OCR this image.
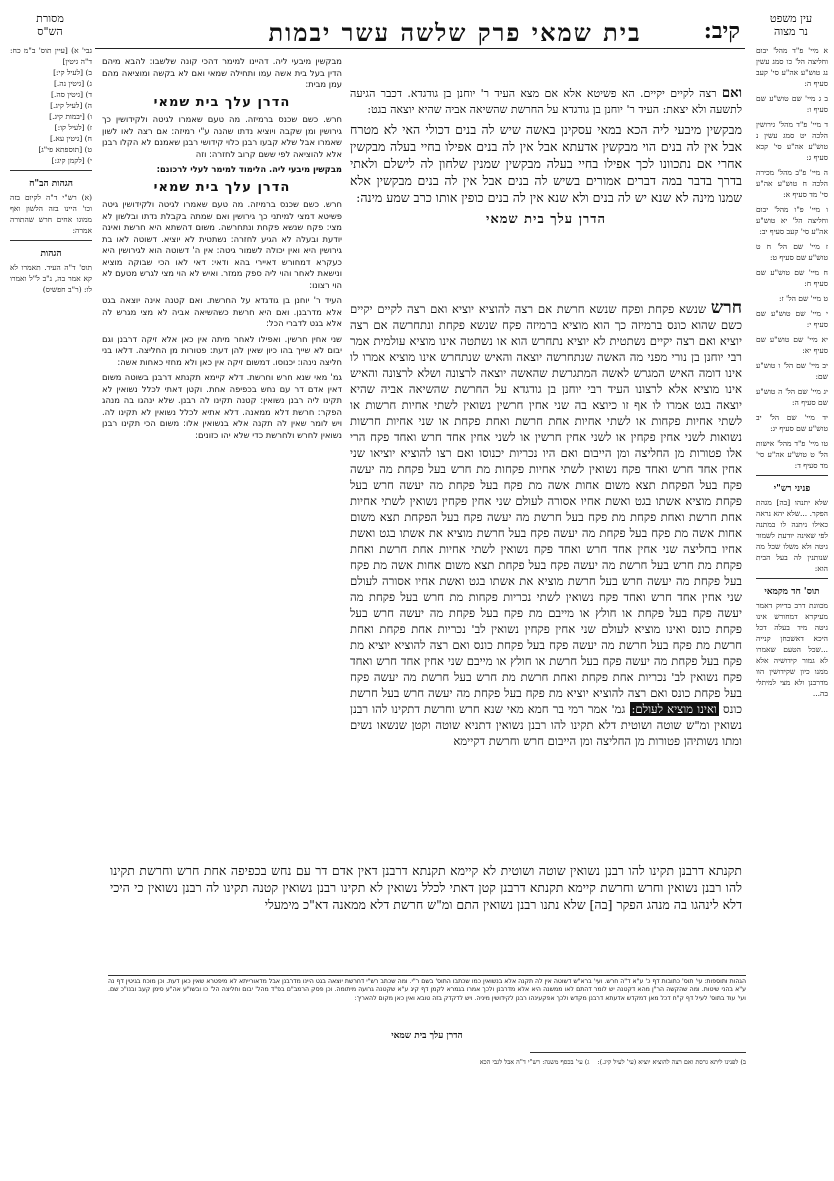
קיב:
בית שמאי פרק שלשה עשר יבמות	עין משפט
נר מצוה
מסורת
הש"ס

א מיי' פ"ד מהל' יבום וחליצה הל' כו סמג עשין נג טוש"ע אה"ע סי' קעב סעיף ה:

ב ג מיי' שם טוש"ע שם סעיף ו:

ד מיי' פ"ד מהל' גירושין הלכה יט סמג עשין נ טוש"ע אה"ע סי' קכא סעיף ג:

ה מיי' פ"ב מהל' מכירה הלכה ח טוש"ע אה"ע סי' מד סעיף א:

ו מיי' פ"ו מהל' יבום וחליצה הל' יא טוש"ע אה"ע סי' קעב סעיף יב:

ז מיי' שם הל' ח ט טוש"ע שם סעיף ט:

ח מיי' שם טוש"ע שם סעיף ח:

ט מיי' שם הל' ז:

י מיי' שם טוש"ע שם סעיף י:

יא מיי' שם טוש"ע שם סעיף יא:

יב מיי' שם הל' ו טוש"ע שם:

יג מיי' שם הל' ה טוש"ע שם סעיף ה:

יד מיי' שם הל' יב טוש"ע שם סעיף יג:

טו מיי' פ"ד מהל' אישות הל' ט טוש"ע אה"ע סי' מד סעיף ד:

פניני רש"י

שלא יתנהו [בה] מגהת הפקר. ...שלא יהא נראה כאילו ניתנה לו במתנה לפי שאינה יודעת לשמור גיטה ולא משלו שכל מה שנותנין לה בעל הבית הוא:

תוס' חד מקמאי

מכוונת דרב בדיוק דאמר מעיקרא דמחורש אינו גיטה מיד בעלה דכל היכא דאשכחן קנייה ...שכל הטעם שאמרו לא גמור קידושיה אלא ממנו כיון שקידושין הוו מדרבנן ולא מצי למיתלי בה...

גבי' א) [עיין תוס' ב"מ כח: ד"ה גיטין]

ב) [לעיל קי:]

ג) [גיטין נה.]

ד) [גיטין סה.]

ה) [לעיל קיג.]

ו) [יבמות קיג.]

ז) [לעיל קו:]

ח) [גיטין עא.]

ט) [תוספתא פי"ג]

י) [לקמן קיג:]

הגהות הב"ח

(א) רש"י ד"ה לקיום בזה וכו' היינו בזה הלשון ואף ממוגו אחים חרש שהתורה אמרה:

הגהות

תוס' ד"ה העיד. תאמרו לא קא אמר בה, נ"ב ל"ל ואמרו לו: (ר"ב חפשיס)

ואם רצה לקיים יקיים. הא פשיטא אלא אם מצא העיד ר' יוחנן בן גודגדא. דכבר הגיעה לתשעה ולא יצאת: העיד ר' יוחנן בן גודגדא על החרשת שהשיאה אביה שהיא יוצאה בגט:

מבקשין מיבעי ליה הכא במאי עסקינן באשה שיש לה בנים דכולי האי לא מטרח אבל אין לה בנים הוי מבקשין אדעתא אבל אין לה בנים אפילו בחיי בעלה מבקשין אחרי אם נתכוונו לכך אפילו בחיי בעלה מבקשין שמנין שלחון לה לישלם ולאתי בדרך בדבר במה דברים אמורים בשיש לה בנים אבל אין לה בנים מבקשין אלא שמנו מינה לא שנא יש לה בנים ולא שנא אין לה בנים כופין אותו כרב שמע מינה:

הדרן עלך בית שמאי

חרש שנשא פקחת ופקח שנשא חרשת אם רצה להוציא יוציא ואם רצה לקיים יקיים כשם שהוא כונס ברמיזה כך הוא מוציא ברמיזה פקח שנשא פקחת ונתחרשה אם רצה יוציא ואם רצה יקיים נשתטית לא יוציא נתחרש הוא או נשתטה אינו מוציא עולמית אמר רבי יוחנן בן נורי מפני מה האשה שנתחרשה יוצאה והאיש שנתחרש אינו מוציא אמרו לו אינו דומה האיש המגרש לאשה המתגרשת שהאשה יוצאה לרצונה ושלא לרצונה והאיש אינו מוציא אלא לרצונו העיד רבי יוחנן בן גודגדא על החרשת שהשיאה אביה שהיא יוצאה בגט אמרו לו אף זו כיוצא בה שני אחין חרשין נשואין לשתי אחיות חרשות או לשתי אחיות פקחות או לשתי אחיות אחת חרשת ואחת פקחת או שני אחיות חרשות נשואות לשני אחין פקחין או לשני אחין חרשין או לשני אחין אחד חרש ואחד פקח הרי אלו פטורות מן החליצה ומן הייבום ואם היו נכריות יכנוסו ואם רצו להוציא יוציאו שני אחין אחד חרש ואחד פקח נשואין לשתי אחיות פקחות מת חרש בעל פקחת מה יעשה פקח בעל הפקחת תצא משום אחות אשה מת פקח בעל פקחת מה יעשה חרש בעל פקחת מוציא אשתו בגט ואשת אחיו אסורה לעולם שני אחין פקחין נשואין לשתי אחיות אחת חרשת ואחת פקחת מת פקח בעל חרשת מה יעשה פקח בעל הפקחת תצא משום אחות אשה מת פקח בעל פקחת מה יעשה פקח בעל חרשת מוציא את אשתו בגט ואשת אחיו בחליצה שני אחין אחד חרש ואחד פקח נשואין לשתי אחיות אחת חרשת ואחת פקחת מת חרש בעל חרשת מה יעשה פקח בעל פקחת תצא משום אחות אשה מת פקח בעל פקחת מה יעשה חרש בעל חרשת מוציא את אשתו בגט ואשת אחיו אסורה לעולם שני אחין אחד חרש ואחד פקח נשואין לשתי נכריות פקחות מת חרש בעל פקחת מה יעשה פקח בעל פקחת או חולץ או מייבם מת פקח בעל פקחת מה יעשה חרש בעל פקחת כונס ואינו מוציא לעולם שני אחין פקחין נשואין לב' נכריות אחת פקחת ואחת חרשת מת פקח בעל חרשת מה יעשה פקח בעל פקחת כונס ואם רצה להוציא יוציא מת פקח בעל פקחת מה יעשה פקח בעל חרשת או חולץ או מייבם שני אחין אחד חרש ואחד פקח נשואין לב' נכריות אחת פקחת ואחת חרשת מת חרש בעל חרשת מה יעשה פקח בעל פקחת כונס ואם רצה להוציא יוציא מת פקח בעל פקחת מה יעשה חרש בעל חרשת כונס ואינו מוציא לעולם: גמ' אמר רמי בר חמא מאי שנא חרש וחרשת דתקינו להו רבנן נשואין ומ"ש שוטה ושוטית דלא תקינו להו רבנן נשואין דתניא שוטה וקטן שנשאו נשים ומתו נשותיהן פטורות מן החליצה ומן הייבום חרש וחרשת דקיימא

מבקשין מיבעי ליה. דהיינו למימר דהכי קונה שלשבו: להבא מיהם הדין בעל בית אשה עמו ותחילה שמאי ואם לא בקשה ומוציאה מהם עמן מבית:

הדרן עלך בית שמאי

חרש. כשם שכנס ברמיזה. מה טעם שאמרו לגיטה ולקידושין כך גירושין ומן שקבה ויוציא נדתו שהנה ע"י רמיזה: אם רצה לאו לשון שאמרו אבל שלא קבעו רבנן כלוי קידושי רבנן שאמנם לא הקלו רבנן אלא להוציאה לפי ששם קרוב לחזרה: וזה

מבקשין מיבעי ליה. הלימוד למימר לעלי לרכונם:

הדרן עלך בית שמאי

חרש. כשם שכנס ברמיזה. מה טעם שאמרו לגיטה ולקידושין גיטה פשיטא דמצי למיתני כך גירושין ואם שמתה בקבלת נדתו ובלשון לא מצי: פקח שנשא פקחת ונתחרשה. משום דהשתא היא חרשת ואינה יודעת ובעלה לא הגיע לחזרה: נשתטית לא יוציא. דשוטה לאו בת גירושין היא ואין יכולה לשמור גיטה: אין ה' דשוטה הוא לגירושין היא כעקרא דמחורש דאיירי בהא ודאי: דאי לאו הכי שבוקה מוציא ונישאת לאחר והוי ליה ספק ממזר. ואיש לא הוי מצי לגרש מטעם לא הוי רצונו:

העיד ר' יוחנן בן גודגדא על החרשת. ואם קטנה אינה יוצאה בגט אלא מדרבנן. ואם היא חרשת כשהשיאה אביה לא מצי מגרש לה אלא בגט לדברי הכל:

שני אחין חרשין. ואפילו לאחר מיתה אין כאן אלא זיקה דרבנן וגם יבום לא שייך בהו כיון שאין להן דעת: פטורות מן החליצה. דלאו בני חליצה נינהו: יכנוסו. דמשום זיקה אין כאן ולא מחזי כאחות אשה:

גמ' מאי שנא חרש וחרשת. דלא קיימא תקנתא דרבנן בשוטה משום דאין אדם דר עם נחש בכפיפה אחת. וקטן דאתי לכלל נשואין לא תקינו ליה רבנן נשואין: קטנה תקינו לה רבנן. שלא ינהגו בה מנהג הפקר: חרשת דלא ממאנה. דלא אתיא לכלל נשואין לא תקינו לה. ויש לומר שאין לה תקנה אלא בנשואין אלו: משום הכי תקינו רבנן נשואין לחרש ולחרשת כדי שלא יהו כזונים:

תקנתא דרבנן תקינו להו רבנן נשואין שוטה ושוטית לא קיימא תקנתא דרבנן דאין אדם דר עם נחש בכפיפה אחת חרש וחרשת תקינו להו רבנן נשואין וחרש וחרשת קיימא תקנתא דרבנן קטן דאתי לכלל נשואין לא תקינו רבנן נשואין קטנה תקינו לה רבנן נשואין כי היכי דלא לינהגו בה מנהג הפקר [בה] שלא נתנו רבנן נשואין התם ומ"ש חרשת דלא ממאנה דא"כ מימעלי

הגהות ותוספות: עי' תוס' כתובות דף כ' ע"א ד"ה חרש. ועי' ברא"ש דשוטה אין לה תקנה אלא בנשואין כמו שכתבו התוס' בשם ר"י. ומה שכתב רש"י דחרשת יוצאה בגט היינו מדרבנן אבל מדאורייתא לא מיפטרא שאין כאן דעת. וכן מוכח בגיטין דף נה ע"א בהני שיטות. ומה שהקשה הר"ן מהא דקטנה יש לומר דהתם לאו ממשנה היא אלא מדרבנן ולכך אמרו בגמרא לקמן דף קיג ע"א שקטנה גרועה מיתומה. וכן פסק הרמב"ם בפ"ד מהל' יבום וחליצה הל' כו ובשו"ע אה"ע סימן קעב ובנו"כ שם. ועי' עוד בתוס' לעיל דף ק"ח דכל מאן דמקדש אדעתא דרבנן מקדש ולכך אפקעינהו רבנן לקידושין מיניה. ויש לדקדק בזה טובא ואין כאן מקום להאריך:
הדרן עלך בית שמאי
ב) לפנינו ליתא גרסת ואם רצה להוציא יוציא (עי' לעיל קיג.):    ג) עי' בכסף משנה: רש"י ד"ה אבל לגבי הכא
